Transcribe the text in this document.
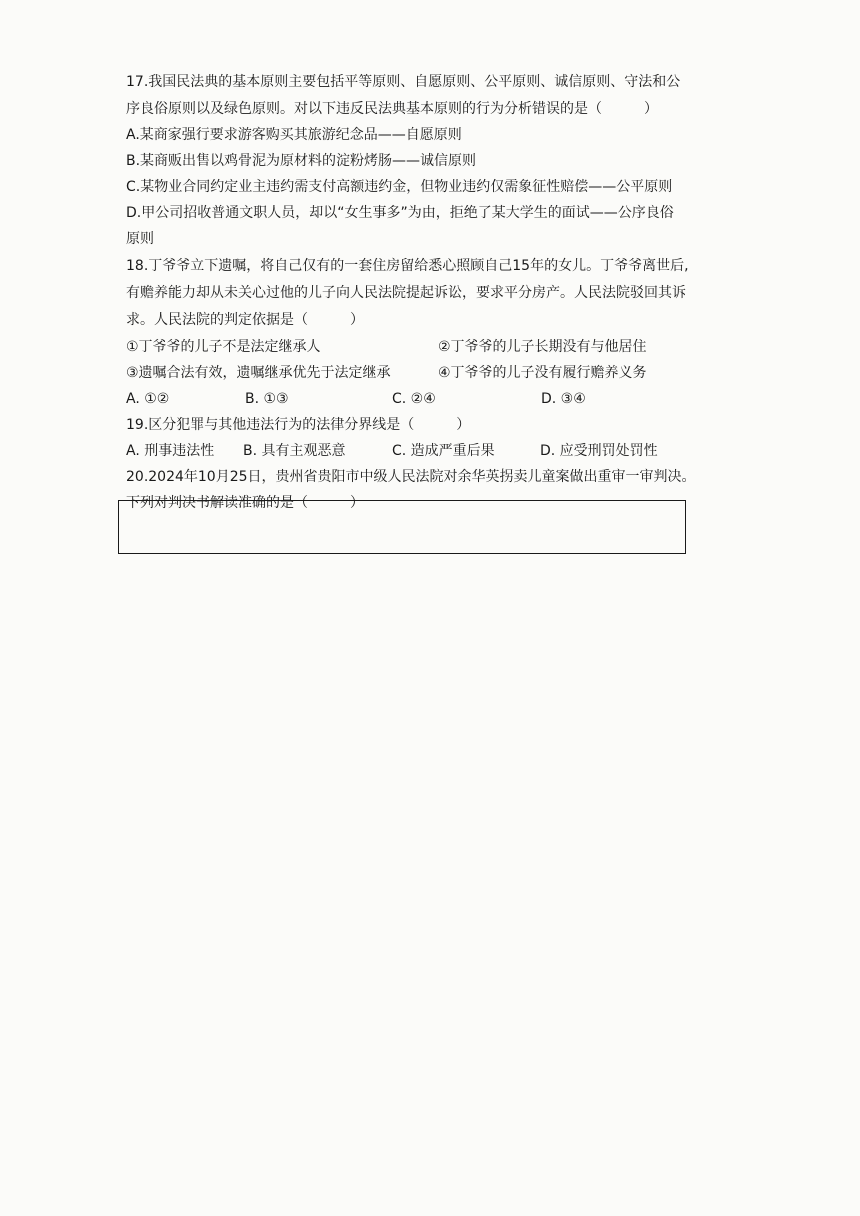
17.我国民法典的基本原则主要包括平等原则、自愿原则、公平原则、诚信原则、守法和公
序良俗原则以及绿色原则。对以下违反民法典基本原则的行为分析错误的是（　　　）
A.某商家强行要求游客购买其旅游纪念品——自愿原则
B.某商贩出售以鸡骨泥为原材料的淀粉烤肠——诚信原则
C.某物业合同约定业主违约需支付高额违约金，但物业违约仅需象征性赔偿——公平原则
D.甲公司招收普通文职人员，却以“女生事多”为由，拒绝了某大学生的面试——公序良俗
原则
18.丁爷爷立下遗嘱，将自己仅有的一套住房留给悉心照顾自己15年的女儿。丁爷爷离世后,
有赡养能力却从未关心过他的儿子向人民法院提起诉讼，要求平分房产。人民法院驳回其诉
求。人民法院的判定依据是（　　　）
①丁爷爷的儿子不是法定继承人	②丁爷爷的儿子长期没有与他居住
③遗嘱合法有效，遗嘱继承优先于法定继承	④丁爷爷的儿子没有履行赡养义务
A. ①②	B. ①③	C. ②④	D. ③④
19.区分犯罪与其他违法行为的法律分界线是（　　　）
A. 刑事违法性 B. 具有主观恶意	C. 造成严重后果	D. 应受刑罚处罚性
20.2024年10月25日，贵州省贵阳市中级人民法院对余华英拐卖儿童案做出重审一审判决。
下列对判决书解读准确的是（　　　）
